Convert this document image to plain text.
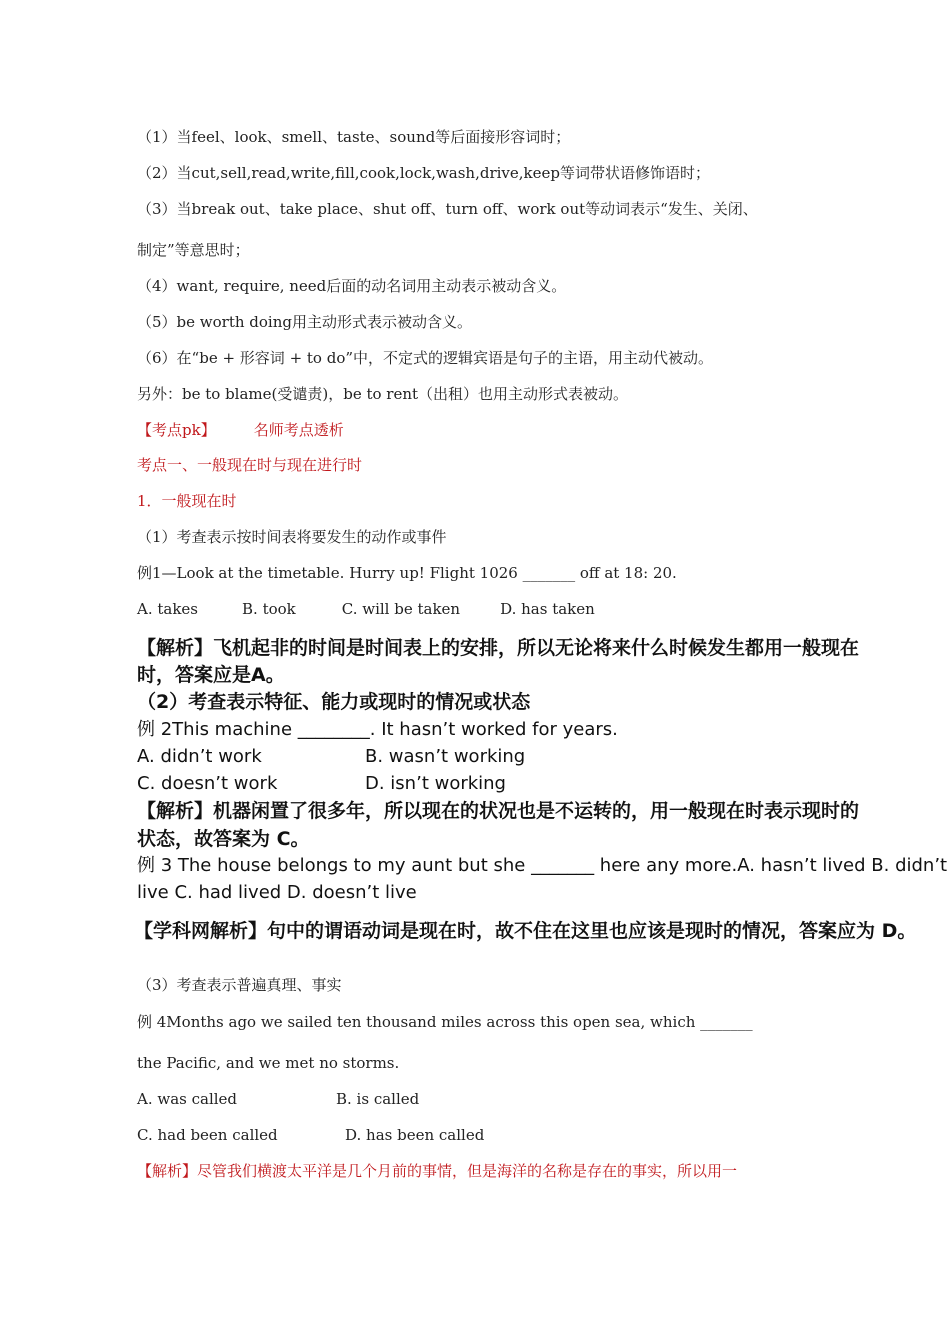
（1）当feel、look、smell、taste、sound等后面接形容词时；
（2）当cut,sell,read,write,fill,cook,lock,wash,drive,keep等词带状语修饰语时；
（3）当break out、take place、shut off、turn off、work out等动词表示“发生、关闭、
制定”等意思时；
（4）want, require, need后面的动名词用主动表示被动含义。
（5）be worth doing用主动形式表示被动含义。
（6）在“be + 形容词 + to do”中，不定式的逻辑宾语是句子的主语，用主动代被动。
另外：be to blame(受谴责)，be to rent（出租）也用主动形式表被动。
【考点pk】	名师考点透析
考点一、一般现在时与现在进行时
1．一般现在时
（1）考查表示按时间表将要发生的动作或事件
例1—Look at the timetable. Hurry up! Flight 1026 _______ off at 18: 20.
A. takes	B. took	C. will be taken	D. has taken
【解析】飞机起非的时间是时间表上的安排，所以无论将来什么时候发生都用一般现在
时，答案应是A。
（2）考查表示特征、能力或现时的情况或状态
例 2This machine ________. It hasn’t worked for years.
A. didn’t work	B. wasn’t working
C. doesn’t work	D. isn’t working
【解析】机器闲置了很多年，所以现在的状况也是不运转的，用一般现在时表示现时的
状态，故答案为 C。
例 3 The house belongs to my aunt but she _______ here any more.A. hasn’t lived B. didn’t
live C. had lived D. doesn’t live
【学科网解析】句中的谓语动词是现在时，故不住在这里也应该是现时的情况，答案应为 D。
（3）考查表示普遍真理、事实
例 4Months ago we sailed ten thousand miles across this open sea, which _______
the Pacific, and we met no storms.
A. was called	B. is called
C. had been called	D. has been called
【解析】尽管我们横渡太平洋是几个月前的事情，但是海洋的名称是存在的事实，所以用一
